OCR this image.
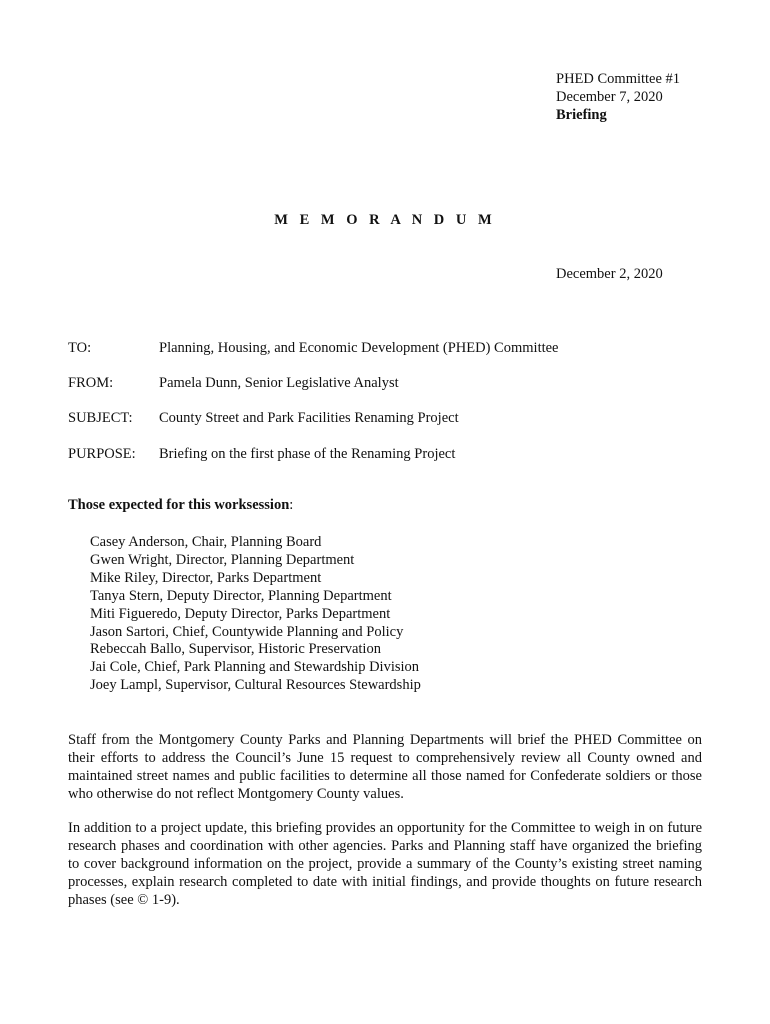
PHED Committee #1
December 7, 2020
Briefing
M E M O R A N D U M
December 2, 2020
TO:	Planning, Housing, and Economic Development (PHED) Committee
FROM:	Pamela Dunn, Senior Legislative Analyst
SUBJECT: County Street and Park Facilities Renaming Project
PURPOSE: Briefing on the first phase of the Renaming Project
Those expected for this worksession:
Casey Anderson, Chair, Planning Board
Gwen Wright, Director, Planning Department
Mike Riley, Director, Parks Department
Tanya Stern, Deputy Director, Planning Department
Miti Figueredo, Deputy Director, Parks Department
Jason Sartori, Chief, Countywide Planning and Policy
Rebeccah Ballo, Supervisor, Historic Preservation
Jai Cole, Chief, Park Planning and Stewardship Division
Joey Lampl, Supervisor, Cultural Resources Stewardship

Staff from the Montgomery County Parks and Planning Departments will brief the PHED Committee on their efforts to address the Council’s June 15 request to comprehensively review all County owned and maintained street names and public facilities to determine all those named for Confederate soldiers or those who otherwise do not reflect Montgomery County values.

In addition to a project update, this briefing provides an opportunity for the Committee to weigh in on future research phases and coordination with other agencies. Parks and Planning staff have organized the briefing to cover background information on the project, provide a summary of the County’s existing street naming processes, explain research completed to date with initial findings, and provide thoughts on future research phases (see © 1-9).
